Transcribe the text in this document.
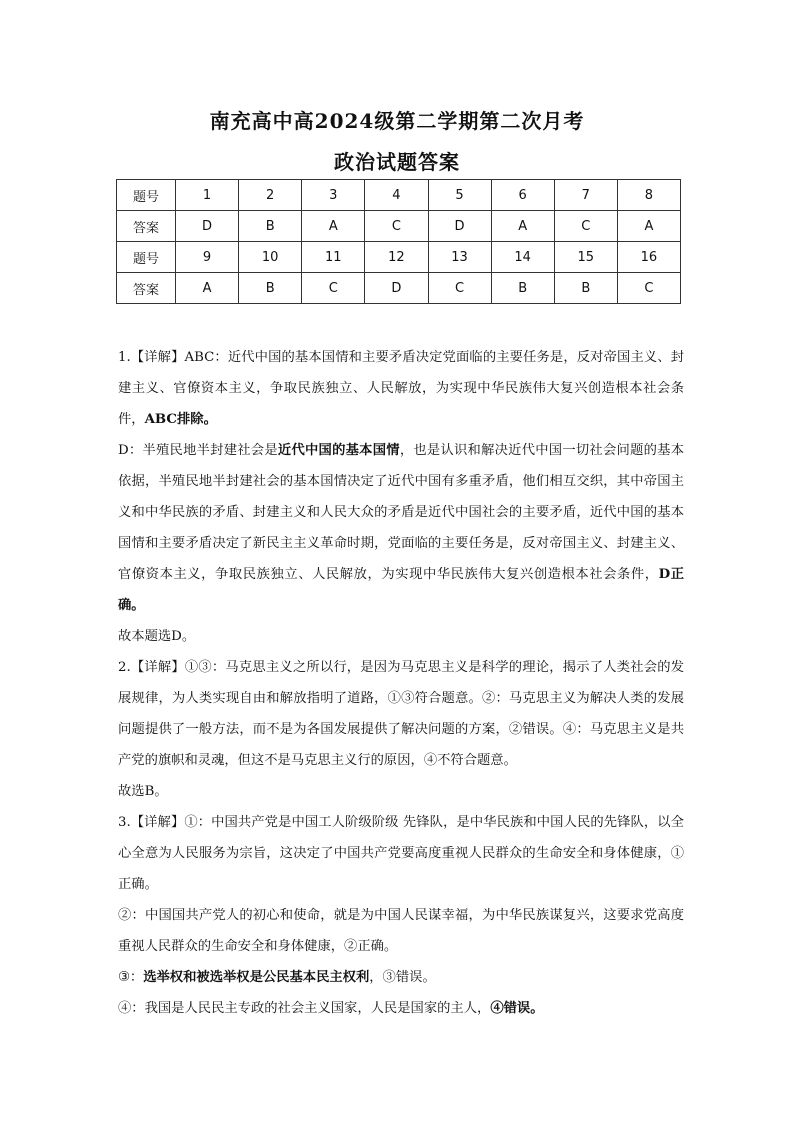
南充高中高2024级第二学期第二次月考
政治试题答案
题号	1	2	3	4	5	6	7	8
答案	D	B	A	C	D	A	C	A
题号	9	10	11	12	13	14	15	16
答案	A	B	C	D	C	B	B	C

1.【详解】ABC：近代中国的基本国情和主要矛盾决定党面临的主要任务是，反对帝国主义、封建主义、官僚资本主义，争取民族独立、人民解放，为实现中华民族伟大复兴创造根本社会条件，ABC排除。

D：半殖民地半封建社会是近代中国的基本国情，也是认识和解决近代中国一切社会问题的基本依据，半殖民地半封建社会的基本国情决定了近代中国有多重矛盾，他们相互交织，其中帝国主义和中华民族的矛盾、封建主义和人民大众的矛盾是近代中国社会的主要矛盾，近代中国的基本国情和主要矛盾决定了新民主主义革命时期，党面临的主要任务是，反对帝国主义、封建主义、官僚资本主义，争取民族独立、人民解放，为实现中华民族伟大复兴创造根本社会条件，D正确。

故本题选D。

2.【详解】①③：马克思主义之所以行，是因为马克思主义是科学的理论，揭示了人类社会的发展规律，为人类实现自由和解放指明了道路，①③符合题意。②：马克思主义为解决人类的发展问题提供了一般方法，而不是为各国发展提供了解决问题的方案，②错误。④：马克思主义是共产党的旗帜和灵魂，但这不是马克思主义行的原因，④不符合题意。

故选B。

3.【详解】①：中国共产党是中国工人阶级阶级 先锋队，是中华民族和中国人民的先锋队，以全心全意为人民服务为宗旨，这决定了中国共产党要高度重视人民群众的生命安全和身体健康，①正确。

②：中国国共产党人的初心和使命，就是为中国人民谋幸福，为中华民族谋复兴，这要求党高度重视人民群众的生命安全和身体健康，②正确。

③：选举权和被选举权是公民基本民主权利，③错误。

④：我国是人民民主专政的社会主义国家，人民是国家的主人，④错误。
